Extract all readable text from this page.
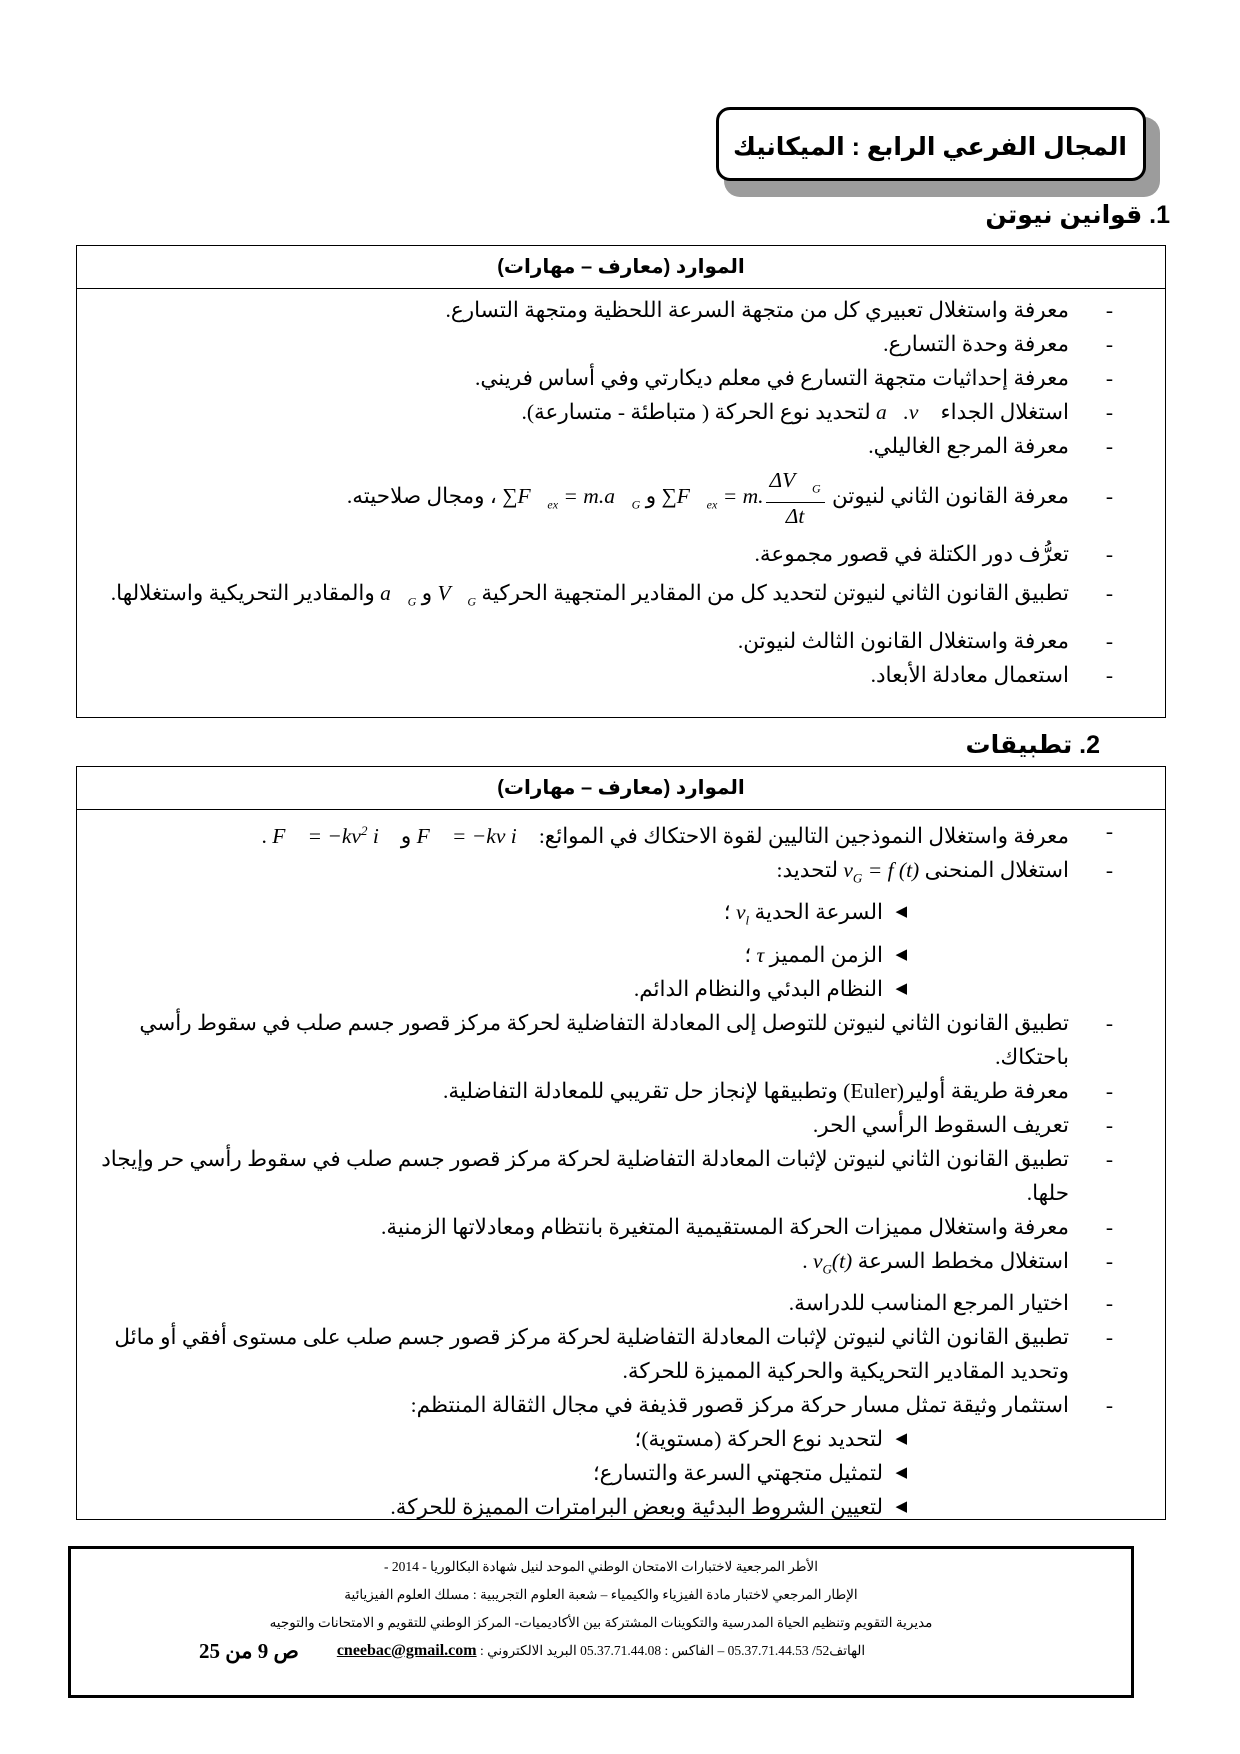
المجال الفرعي الرابع : الميكانيك
1. قوانين نيوتن
الموارد (معارف – مهارات)
- معرفة واستغلال تعبيري كل من متجهة السرعة اللحظية ومتجهة التسارع.
- معرفة وحدة التسارع.
- معرفة إحداثيات متجهة التسارع في معلم ديكارتي وفي أساس فريني.
- استغلال الجداء a⃗.v⃗ لتحديد نوع الحركة ( متباطئة - متسارعة).
- معرفة المرجع الغاليلي.
- معرفة القانون الثاني لنيوتن $\sum F⃗_{ex} = m$. $\frac{\Delta V⃗_G}{\Delta t}$
و $\sum F⃗_{ex}$ = $m.a⃗_G$ ، ومجال صلاحيته.
- تعرُّف دور الكتلة في قصور مجموعة.
- تطبيق القانون الثاني لنيوتن لتحديد كل من المقادير المتجهية الحركية $V⃗_G$ و $a⃗_G$ والمقادير التحريكية واستغلالها.
- معرفة واستغلال القانون الثالث لنيوتن.
- استعمال معادلة الأبعاد.
2. تطبيقات
الموارد (معارف – مهارات)
- معرفة واستغلال النموذجين التاليين لقوة الاحتكاك في الموائع: F⃗ = −kv i⃗ و F⃗ = $-kv^2$ i⃗ .
- استغلال المنحنى $v_G = f$ (t) لتحديد:
◀
السرعة الحدية $v_l$ ؛
◀
الزمن المميز τ ؛
◀
النظام البدئي والنظام الدائم.
- تطبيق القانون الثاني لنيوتن للتوصل إلى المعادلة التفاضلية لحركة مركز قصور جسم صلب في سقوط رأسي باحتكاك.
- معرفة طريقة أولير(Euler) وتطبيقها لإنجاز حل تقريبي للمعادلة التفاضلية.
- تعريف السقوط الرأسي الحر.
- تطبيق القانون الثاني لنيوتن لإثبات المعادلة التفاضلية لحركة مركز قصور جسم صلب في سقوط رأسي حر وإيجاد حلها.
- معرفة واستغلال مميزات الحركة المستقيمية المتغيرة بانتظام ومعادلاتها الزمنية.
- استغلال مخطط السرعة $v_G(t)$ .
- اختيار المرجع المناسب للدراسة.
- تطبيق القانون الثاني لنيوتن لإثبات المعادلة التفاضلية لحركة مركز قصور جسم صلب على مستوى أفقي أو مائل وتحديد المقادير التحريكية والحركية المميزة للحركة.
- استثمار وثيقة تمثل مسار حركة مركز قصور قذيفة في مجال الثقالة المنتظم:
◀
لتحديد نوع الحركة (مستوية)؛
◀
لتمثيل متجهتي السرعة والتسارع؛
◀
لتعيين الشروط البدئية وبعض البرامترات المميزة للحركة.
الأطر المرجعية لاختبارات الامتحان الوطني الموحد لنيل شهادة البكالوريا - 2014 -
الإطار المرجعي لاختبار مادة الفيزياء والكيمياء – شعبة العلوم التجريبية : مسلك العلوم الفيزيائية
مديرية التقويم وتنظيم الحياة المدرسية والتكوينات المشتركة بين الأكاديميات- المركز الوطني للتقويم و الامتحانات والتوجيه
الهاتف52/ 05.37.71.44.53 – الفاكس : 05.37.71.44.08 البريد الالكتروني : cneebac@gmail.com
ص 9 من 25
